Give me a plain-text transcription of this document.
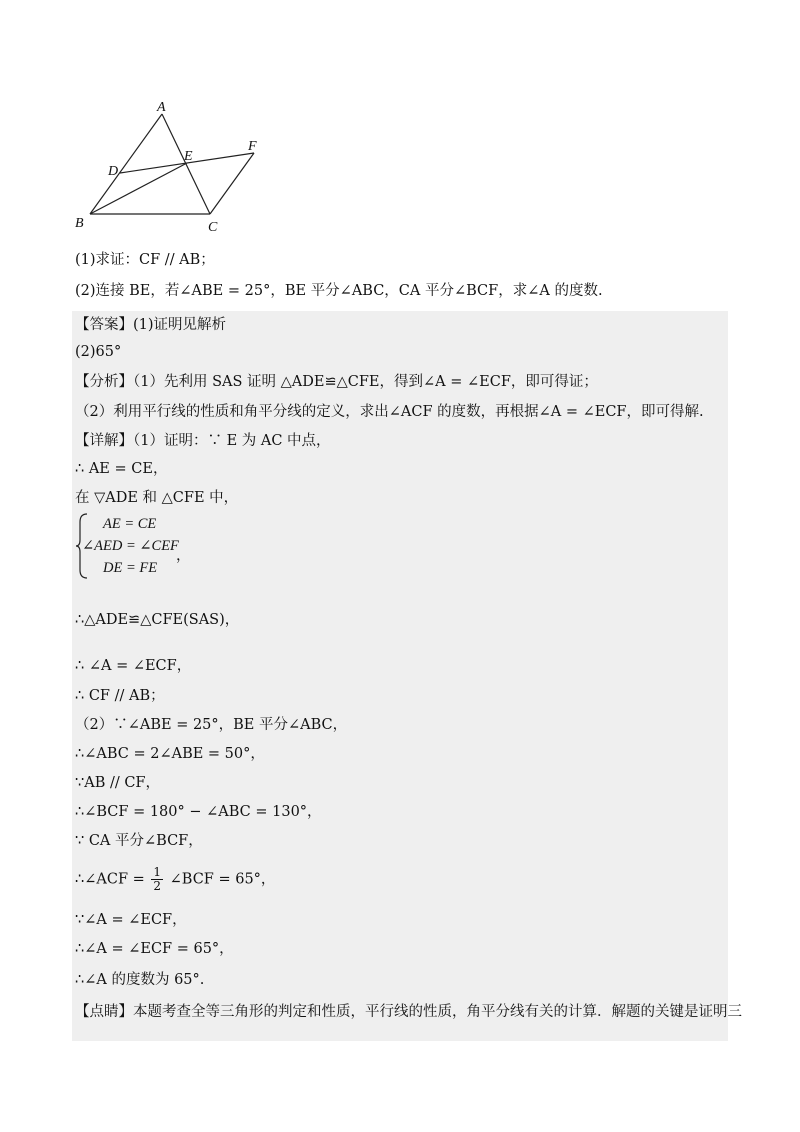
A
B	C
D
E
F
(1)求证：CF // AB；
(2)连接 BE，若∠ABE = 25°，BE 平分∠ABC，CA 平分∠BCF，求∠A 的度数.
【答案】(1)证明见解析
(2)65°
【分析】（1）先利用 SAS 证明 △ADE≌△CFE，得到∠A = ∠ECF，即可得证；
（2）利用平行线的性质和角平分线的定义，求出∠ACF 的度数，再根据∠A = ∠ECF，即可得解.
【详解】（1）证明：∵ E 为 AC 中点，
∴ AE = CE，
在 ▽ADE 和 △CFE 中，
AE = CE
∠AED = ∠CEF
，
DE = FE
∴△ADE≌△CFE(SAS)，
∴ ∠A = ∠ECF，
∴ CF // AB；
（2）∵∠ABE = 25°，BE 平分∠ABC，
∴∠ABC = 2∠ABE = 50°，
∵AB // CF，
∴∠BCF = 180° − ∠ABC = 130°，
∵ CA 平分∠BCF，
∴∠ACF = $\frac{1}{2}$ ∠BCF = 65°，
∵∠A = ∠ECF，
∴∠A = ∠ECF = 65°，
∴∠A 的度数为 65°.
【点睛】本题考查全等三角形的判定和性质，平行线的性质，角平分线有关的计算．解题的关键是证明三
